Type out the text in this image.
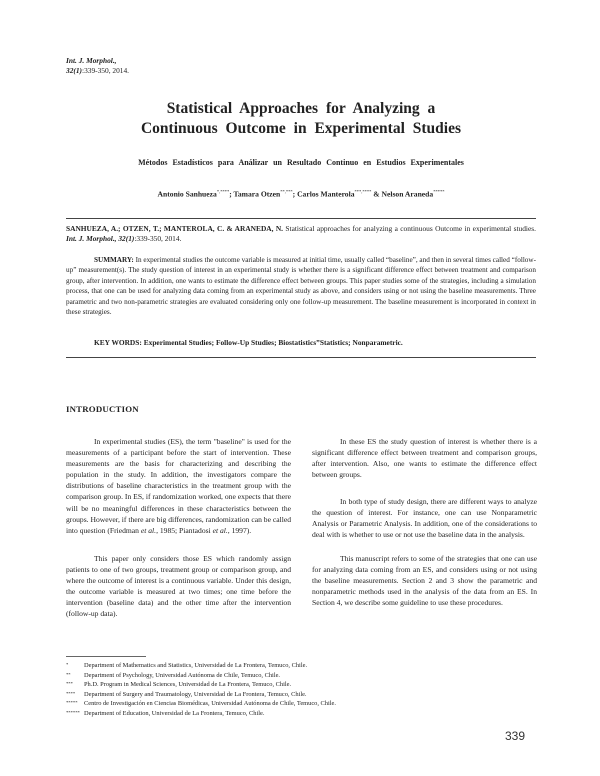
Int. J. Morphol.,
32(1):339-350, 2014.
Statistical Approaches for Analyzing a
Continuous Outcome in Experimental Studies
Métodos Estadísticos para Análizar un Resultado Continuo en Estudios Experimentales
Antonio Sanhueza*,****; Tamara Otzen**,***; Carlos Manterola***,**** & Nelson Araneda*****
SANHUEZA, A.; OTZEN, T.; MANTEROLA, C. & ARANEDA, N. Statistical approaches for analyzing a continuous Outcome in experimental studies. Int. J. Morphol., 32(1):339-350, 2014.
SUMMARY: In experimental studies the outcome variable is measured at initial time, usually called “baseline”, and then in several times called “follow-up” measurement(s). The study question of interest in an experimental study is whether there is a significant difference effect between treatment and comparison group, after intervention. In addition, one wants to estimate the difference effect between groups. This paper studies some of the strategies, including a simulation process, that one can be used for analyzing data coming from an experimental study as above, and considers using or not using the baseline measurements. Three parametric and two non-parametric strategies are evaluated considering only one follow-up measurement. The baseline measurement is incorporated in context in these strategies.
KEY WORDS: Experimental Studies; Follow-Up Studies; Biostatistics”Statistics; Nonparametric.
INTRODUCTION

In experimental studies (ES), the term "baseline" is used for the measurements of a participant before the start of intervention. These measurements are the basis for characterizing and describing the population in the study. In addition, the investigators compare the distributions of baseline characteristics in the treatment group with the comparison group. In ES, if randomization worked, one expects that there will be no meaningful differences in these characteristics between the groups. However, if there are big differences, randomization can be called into question (Friedman et al., 1985; Piantadosi et al., 1997).

This paper only considers those ES which randomly assign patients to one of two groups, treatment group or comparison group, and where the outcome of interest is a continuous variable. Under this design, the outcome variable is measured at two times; one time before the intervention (baseline data) and the other time after the intervention (follow-up data).

In these ES the study question of interest is whether there is a significant difference effect between treatment and comparison groups, after intervention. Also, one wants to estimate the difference effect between groups.

In both type of study design, there are different ways to analyze the question of interest. For instance, one can use Nonparametric Analysis or Parametric Analysis. In addition, one of the considerations to deal with is whether to use or not use the baseline data in the analysis.

This manuscript refers to some of the strategies that one can use for analyzing data coming from an ES, and considers using or not using the baseline measurements. Section 2 and 3 show the parametric and nonparametric methods used in the analysis of the data from an ES. In Section 4, we describe some guideline to use these procedures.

*	Department of Mathematics and Statistics, Universidad de La Frontera, Temuco, Chile.
**	Department of Psychology, Universidad Autónoma de Chile, Temuco, Chile.
***	Ph.D. Program in Medical Sciences, Universidad de La Frontera, Temuco, Chile.
****	Department of Surgery and Traumatology, Universidad de La Frontera, Temuco, Chile.
*****	Centro de Investigación en Ciencias Biomédicas, Universidad Autónoma de Chile, Temuco, Chile.
****** Department of Education, Universidad de La Frontera, Temuco, Chile.
339
